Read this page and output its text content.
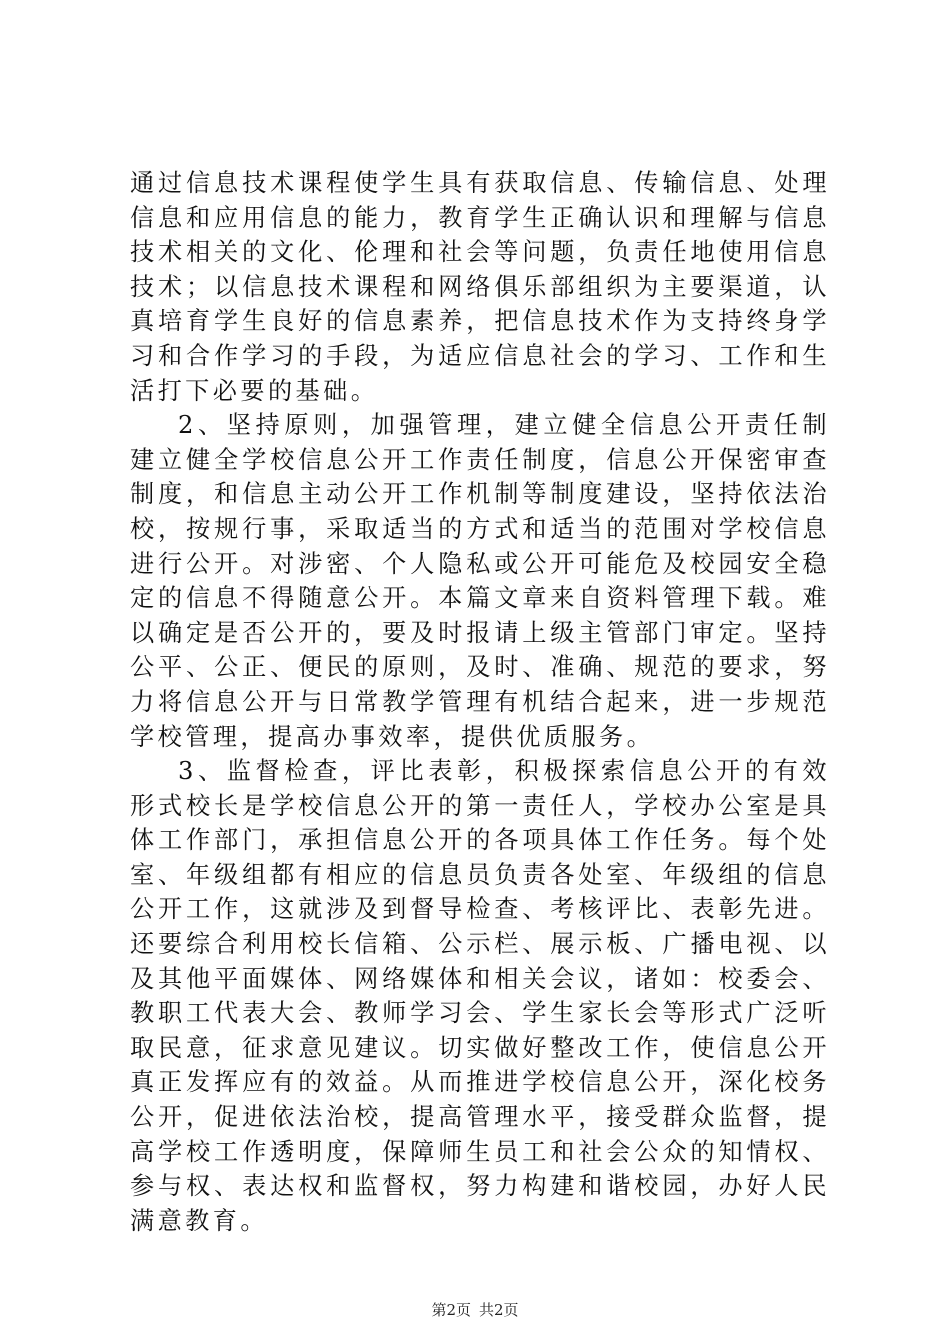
通过信息技术课程使学生具有获取信息、传输信息、处理信息和应用信息的能力，教育学生正确认识和理解与信息技术相关的文化、伦理和社会等问题，负责任地使用信息技术；以信息技术课程和网络俱乐部组织为主要渠道，认真培育学生良好的信息素养，把信息技术作为支持终身学习和合作学习的手段，为适应信息社会的学习、工作和生活打下必要的基础。

2、坚持原则，加强管理，建立健全信息公开责任制建立健全学校信息公开工作责任制度，信息公开保密审查制度，和信息主动公开工作机制等制度建设，坚持依法治校，按规行事，采取适当的方式和适当的范围对学校信息进行公开。对涉密、个人隐私或公开可能危及校园安全稳定的信息不得随意公开。本篇文章来自资料管理下载。难以确定是否公开的，要及时报请上级主管部门审定。坚持公平、公正、便民的原则，及时、准确、规范的要求，努力将信息公开与日常教学管理有机结合起来，进一步规范学校管理，提高办事效率，提供优质服务。

3、监督检查，评比表彰，积极探索信息公开的有效形式校长是学校信息公开的第一责任人，学校办公室是具体工作部门，承担信息公开的各项具体工作任务。每个处室、年级组都有相应的信息员负责各处室、年级组的信息公开工作，这就涉及到督导检查、考核评比、表彰先进。还要综合利用校长信箱、公示栏、展示板、广播电视、以及其他平面媒体、网络媒体和相关会议，诸如：校委会、教职工代表大会、教师学习会、学生家长会等形式广泛听取民意，征求意见建议。切实做好整改工作，使信息公开真正发挥应有的效益。从而推进学校信息公开，深化校务公开，促进依法治校，提高管理水平，接受群众监督，提高学校工作透明度，保障师生员工和社会公众的知情权、参与权、表达权和监督权，努力构建和谐校园，办好人民满意教育。

第2页 共2页
